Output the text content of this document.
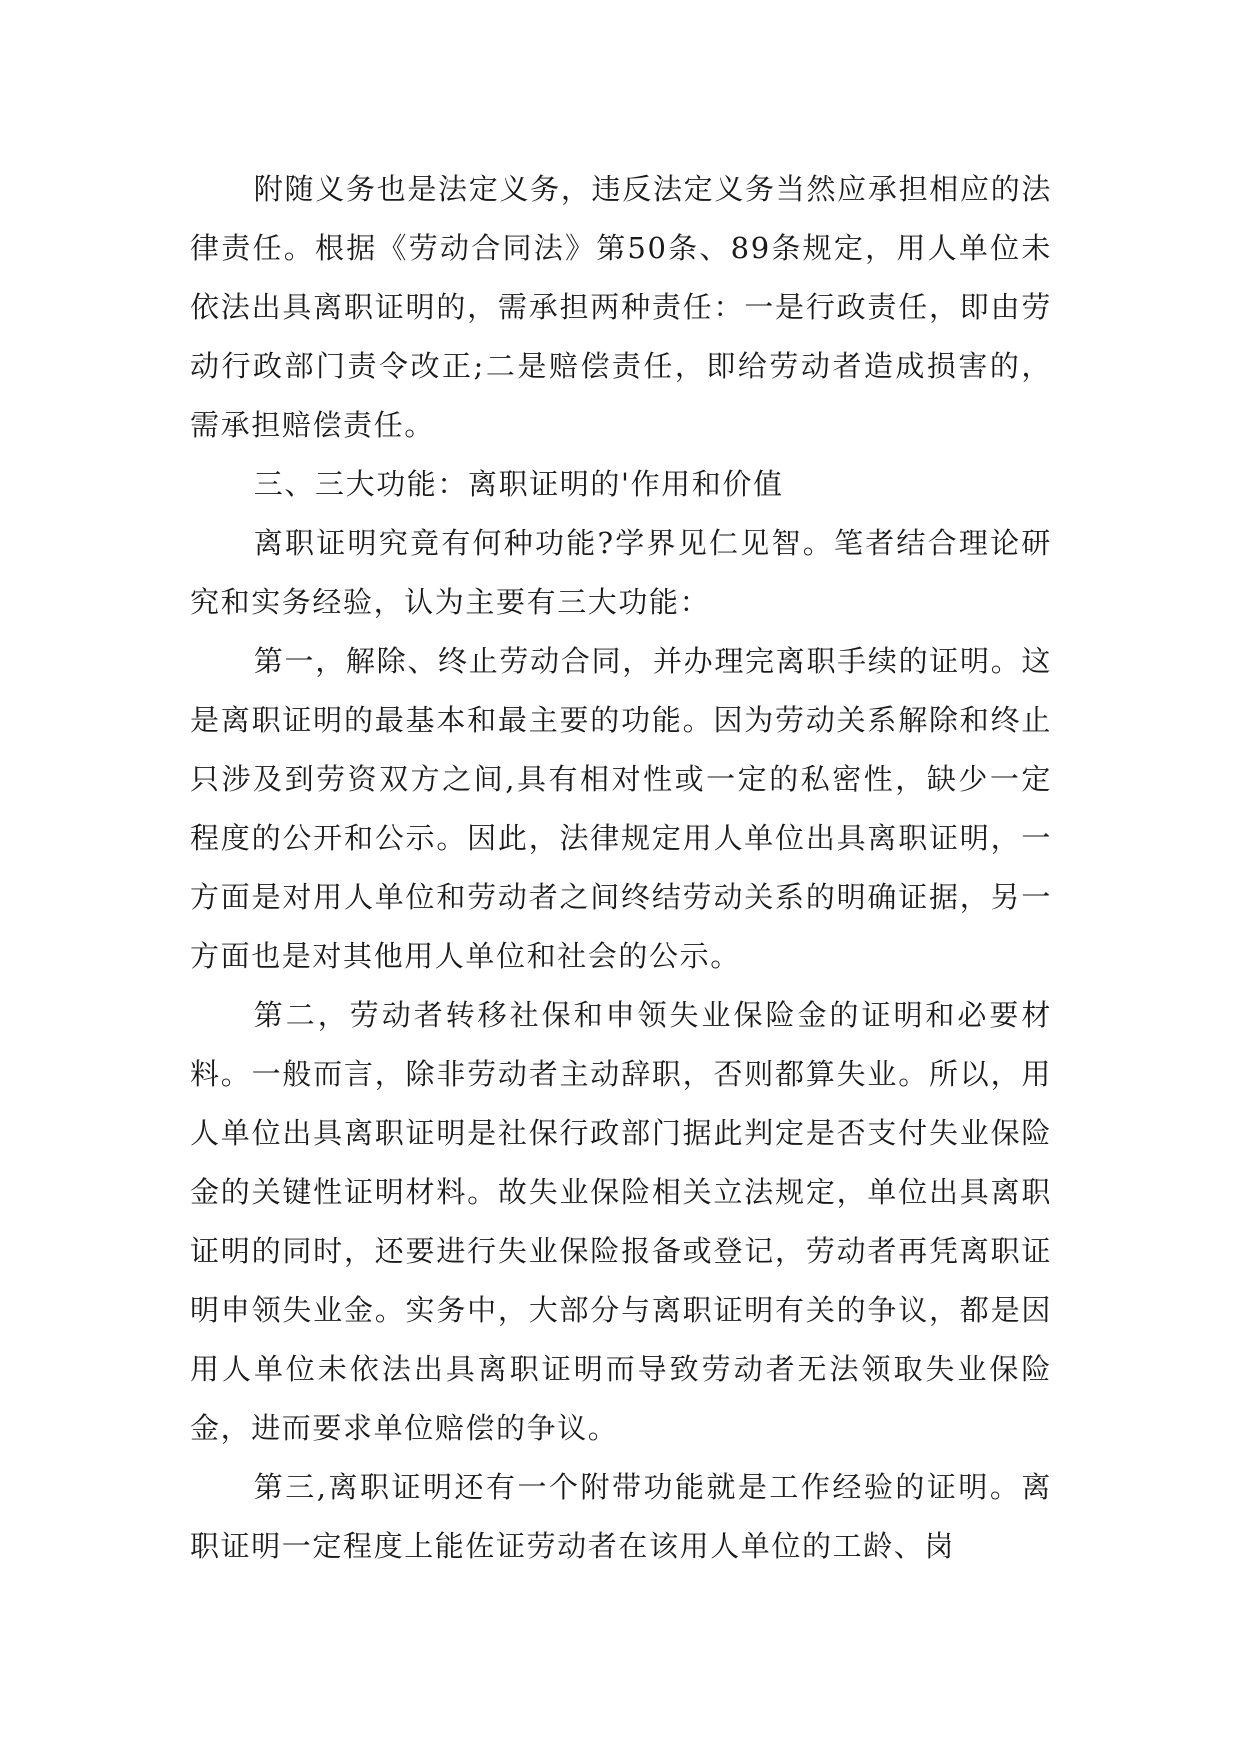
附随义务也是法定义务，违反法定义务当然应承担相应的法律责任。根据《劳动合同法》第50条、89条规定，用人单位未依法出具离职证明的，需承担两种责任：一是行政责任，即由劳动行政部门责令改正;二是赔偿责任，即给劳动者造成损害的，需承担赔偿责任。

三、三大功能：离职证明的'作用和价值

离职证明究竟有何种功能?学界见仁见智。笔者结合理论研究和实务经验，认为主要有三大功能：

第一，解除、终止劳动合同，并办理完离职手续的证明。这是离职证明的最基本和最主要的功能。因为劳动关系解除和终止只涉及到劳资双方之间,具有相对性或一定的私密性，缺少一定程度的公开和公示。因此，法律规定用人单位出具离职证明，一方面是对用人单位和劳动者之间终结劳动关系的明确证据，另一方面也是对其他用人单位和社会的公示。

第二，劳动者转移社保和申领失业保险金的证明和必要材料。一般而言，除非劳动者主动辞职，否则都算失业。所以，用人单位出具离职证明是社保行政部门据此判定是否支付失业保险金的关键性证明材料。故失业保险相关立法规定，单位出具离职证明的同时，还要进行失业保险报备或登记，劳动者再凭离职证明申领失业金。实务中，大部分与离职证明有关的争议，都是因用人单位未依法出具离职证明而导致劳动者无法领取失业保险金，进而要求单位赔偿的争议。

第三,离职证明还有一个附带功能就是工作经验的证明。离职证明一定程度上能佐证劳动者在该用人单位的工龄、岗
